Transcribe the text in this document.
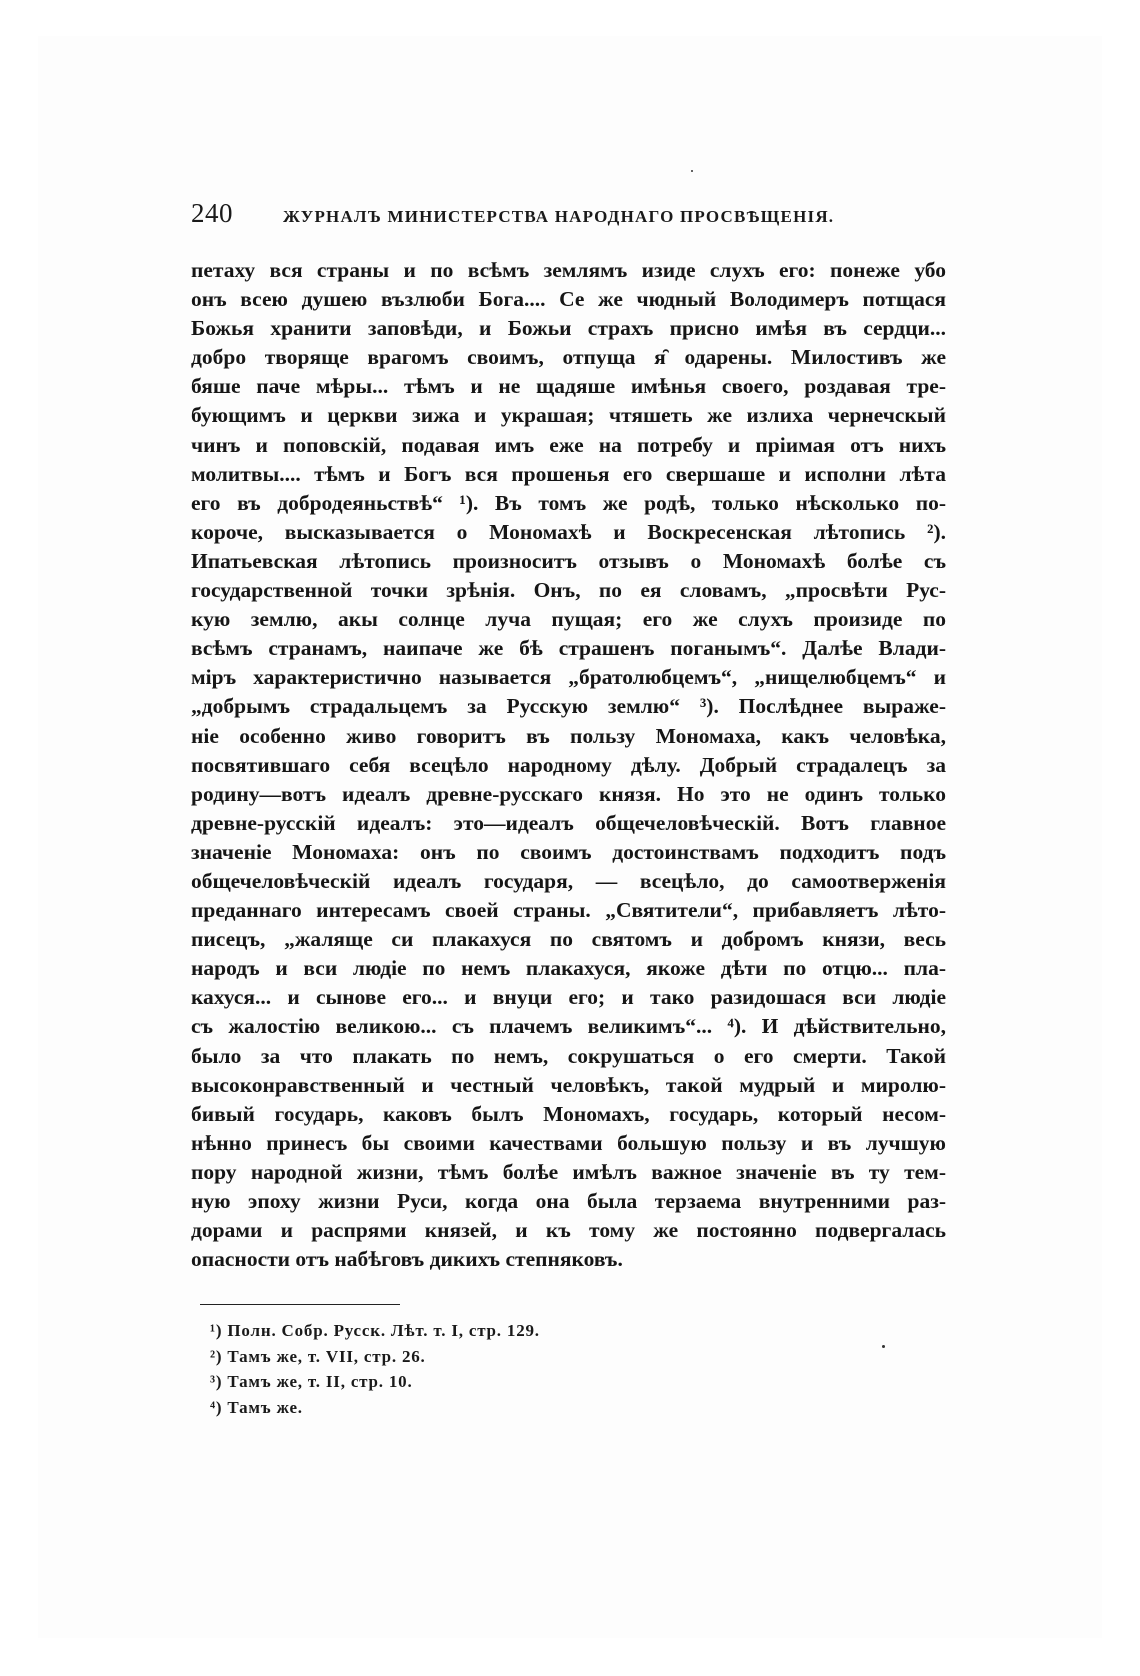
240	ЖУРНАЛЪ МИНИСТЕРСТВА НАРОДНАГО ПРОСВѢЩЕНІЯ.
петаху вся страны и по всѣмъ землямъ изиде слухъ его: понеже убо
онъ всею душею възлюби Бога.... Се же чюдный Володимеръ потщася
Божья хранити заповѣди, и Божьи страхъ присно имѣя въ сердци...
добро творяще врагомъ своимъ, отпуща я̑ одарены. Милостивъ же
бяше паче мѣры... тѣмъ и не щадяше имѣнья своего, роздавая тре-
бующимъ и церкви зижа и украшая; чтяшеть же излиха чернечскый
чинъ и поповскій, подавая имъ еже на потребу и пріимая отъ нихъ
молитвы.... тѣмъ и Богъ вся прошенья его свершаше и исполни лѣта
его въ добродеяньствѣ“ ¹). Въ томъ же родѣ, только нѣсколько по-
короче, высказывается о Мономахѣ и Воскресенская лѣтопись ²).
Ипатьевская лѣтопись произноситъ отзывъ о Мономахѣ болѣе съ
государственной точки зрѣнія. Онъ, по ея словамъ, „просвѣти Рус-
кую землю, акы солнце луча пущая; его же слухъ произиде по
всѣмъ странамъ, наипаче же бѣ страшенъ поганымъ“. Далѣе Влади-
міръ характеристично называется „братолюбцемъ“, „нищелюбцемъ“ и
„добрымъ страдальцемъ за Русскую землю“ ³). Послѣднее выраже-
ніе особенно живо говоритъ въ пользу Мономаха, какъ человѣка,
посвятившаго себя всецѣло народному дѣлу. Добрый страдалецъ за
родину—вотъ идеалъ древне-русскаго князя. Но это не одинъ только
древне-русскій идеалъ: это—идеалъ общечеловѣческій. Вотъ главное
значеніе Мономаха: онъ по своимъ достоинствамъ подходитъ подъ
общечеловѣческій идеалъ государя, — всецѣло, до самоотверженія
преданнаго интересамъ своей страны. „Святители“, прибавляетъ лѣто-
писецъ, „жаляще си плакахуся по святомъ и добромъ князи, весь
народъ и вси людіе по немъ плакахуся, якоже дѣти по отцю... пла-
кахуся... и сынове его... и внуци его; и тако разидошася вси людіе
съ жалостію великою... съ плачемъ великимъ“... ⁴). И дѣйствительно,
было за что плакать по немъ, сокрушаться о его смерти. Такой
высоконравственный и честный человѣкъ, такой мудрый и миролю-
бивый государь, каковъ былъ Мономахъ, государь, который несом-
нѣнно принесъ бы своими качествами большую пользу и въ лучшую
пору народной жизни, тѣмъ болѣе имѣлъ важное значеніе въ ту тем-
ную эпоху жизни Руси, когда она была терзаема внутренними раз-
дорами и распрями князей, и къ тому же постоянно подвергалась
опасности отъ набѣговъ дикихъ степняковъ.
¹) Полн. Собр. Русск. Лѣт. т. I, стр. 129.
²) Тамъ же, т. VII, стр. 26.
³) Тамъ же, т. II, стр. 10.
⁴) Тамъ же.
